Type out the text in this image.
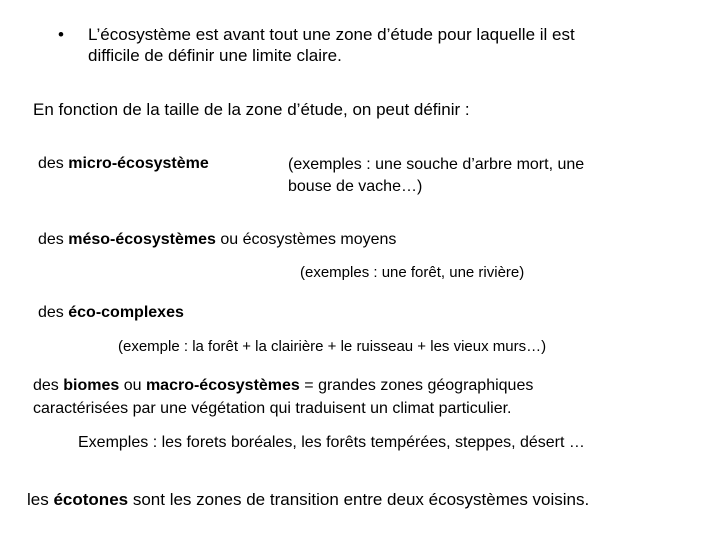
• L’écosystème est avant tout une zone d’étude pour laquelle il est
difficile de définir une limite claire.
En fonction de la taille de la zone d’étude, on peut définir :
des micro-écosystème	(exemples : une souche d’arbre mort, une
bouse de vache…)
des méso-écosystèmes ou écosystèmes moyens
(exemples : une forêt, une rivière)
des éco-complexes
(exemple : la forêt + la clairière + le ruisseau + les vieux murs…)
des biomes ou macro-écosystèmes = grandes zones géographiques
caractérisées par une végétation qui traduisent un climat particulier.
Exemples : les forets boréales, les forêts tempérées, steppes, désert …
les écotones sont les zones de transition entre deux écosystèmes voisins.
